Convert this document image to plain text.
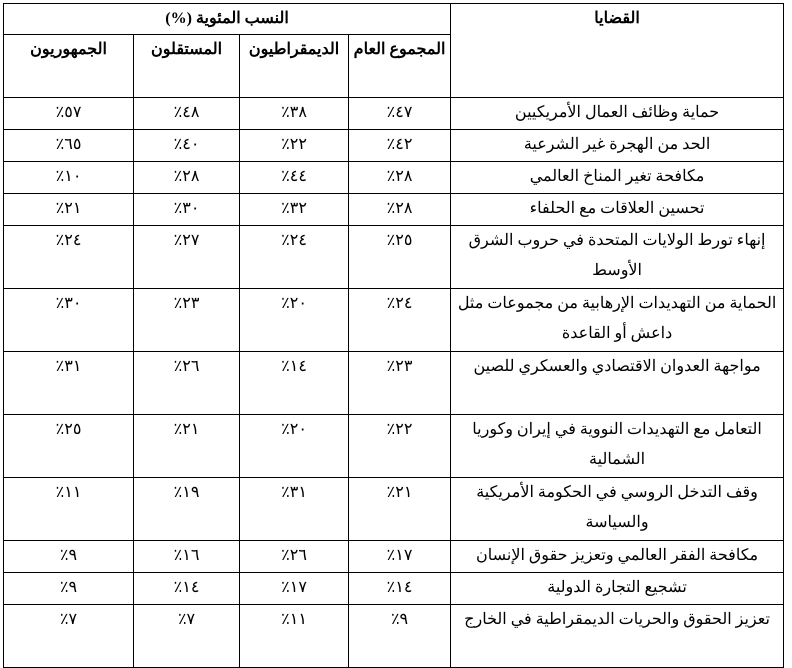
القضايا	النسب المئوية (%)			
	المجموع العام	الديمقراطيون	المستقلون	الجمهوريون
حماية وظائف العمال الأمريكيين	٤٧٪	٣٨٪	٤٨٪	٥٧٪
الحد من الهجرة غير الشرعية	٤٢٪	٢٢٪	٤٠٪	٦٥٪
مكافحة تغير المناخ العالمي	٢٨٪	٤٤٪	٢٨٪	١٠٪
تحسين العلاقات مع الحلفاء	٢٨٪	٣٢٪	٣٠٪	٢١٪
إنهاء تورط الولايات المتحدة في حروب الشرق الأوسط	٢٥٪	٢٤٪	٢٧٪	٢٤٪
الحماية من التهديدات الإرهابية من مجموعات مثل داعش أو القاعدة	٢٤٪	٢٠٪	٢٣٪	٣٠٪
مواجهة العدوان الاقتصادي والعسكري للصين	٢٣٪	١٤٪	٢٦٪	٣١٪
التعامل مع التهديدات النووية في إيران وكوريا الشمالية	٢٢٪	٢٠٪	٢١٪	٢٥٪
وقف التدخل الروسي في الحكومة الأمريكية والسياسة	٢١٪	٣١٪	١٩٪	١١٪
مكافحة الفقر العالمي وتعزيز حقوق الإنسان	١٧٪	٢٦٪	١٦٪	٩٪
تشجيع التجارة الدولية	١٤٪	١٧٪	١٤٪	٩٪
تعزيز الحقوق والحريات الديمقراطية في الخارج	٩٪	١١٪	٧٪	٧٪
